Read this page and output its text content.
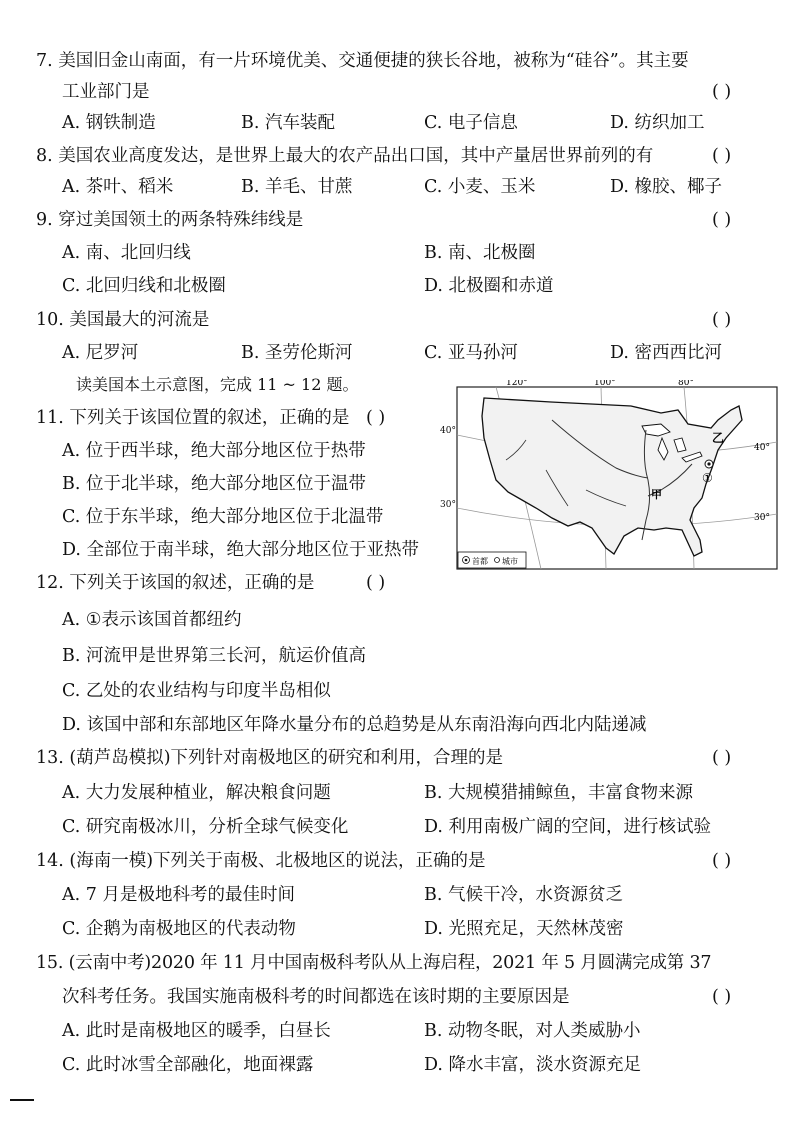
7. 美国旧金山南面，有一片环境优美、交通便捷的狭长谷地，被称为“硅谷”。其主要
工业部门是	( )
A. 钢铁制造	B. 汽车装配	C. 电子信息	D. 纺织加工
8. 美国农业高度发达，是世界上最大的农产品出口国，其中产量居世界前列的有	( )
A. 茶叶、稻米	B. 羊毛、甘蔗	C. 小麦、玉米	D. 橡胶、椰子
9. 穿过美国领土的两条特殊纬线是	( )
A. 南、北回归线	B. 南、北极圈
C. 北回归线和北极圈	D. 北极圈和赤道
10. 美国最大的河流是	( )
A. 尼罗河	B. 圣劳伦斯河	C. 亚马孙河	D. 密西西比河
读美国本土示意图，完成 11 ~ 12 题。
11. 下列关于该国位置的叙述，正确的是 ( )
A. 位于西半球，绝大部分地区位于热带
B. 位于北半球，绝大部分地区位于温带
C. 位于东半球，绝大部分地区位于北温带
D. 全部位于南半球，绝大部分地区位于亚热带
120°	100°	80°
40°
30°
甲
乙
①
首都 城市
40°
30°
12. 下列关于该国的叙述，正确的是	( )
A. ①表示该国首都纽约
B. 河流甲是世界第三长河，航运价值高
C. 乙处的农业结构与印度半岛相似
D. 该国中部和东部地区年降水量分布的总趋势是从东南沿海向西北内陆递减
13. (葫芦岛模拟)下列针对南极地区的研究和利用，合理的是	( )
A. 大力发展种植业，解决粮食问题	B. 大规模猎捕鲸鱼，丰富食物来源
C. 研究南极冰川，分析全球气候变化	D. 利用南极广阔的空间，进行核试验
14. (海南一模)下列关于南极、北极地区的说法，正确的是	( )
A. 7 月是极地科考的最佳时间	B. 气候干冷，水资源贫乏
C. 企鹅为南极地区的代表动物	D. 光照充足，天然林茂密
15. (云南中考)2020 年 11 月中国南极科考队从上海启程，2021 年 5 月圆满完成第 37
次科考任务。我国实施南极科考的时间都选在该时期的主要原因是	( )
A. 此时是南极地区的暖季，白昼长	B. 动物冬眠，对人类威胁小
C. 此时冰雪全部融化，地面裸露	D. 降水丰富，淡水资源充足
